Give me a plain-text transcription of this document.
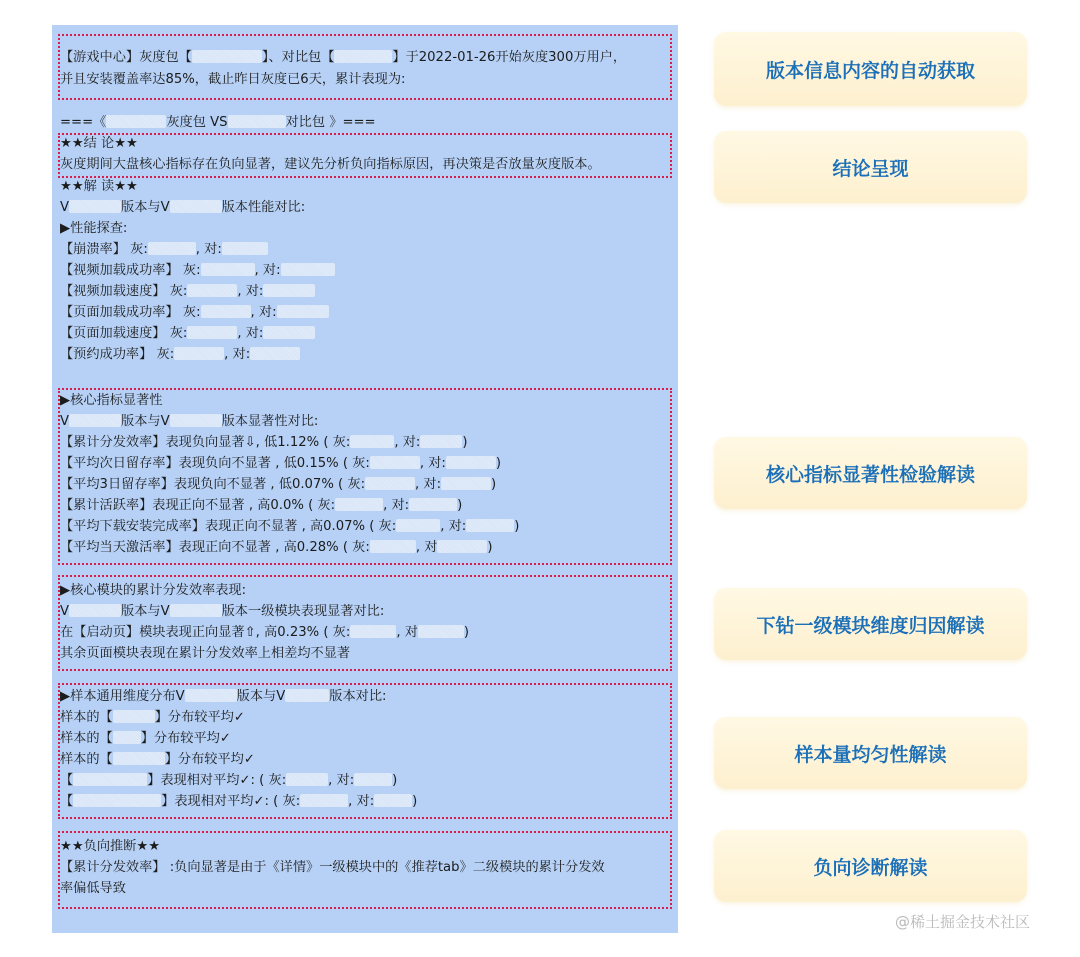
【游戏中心】灰度包【	】、对比包【	】于2022-01-26开始灰度300万用户，
并且安装覆盖率达85%，截止昨日灰度已6天，累计表现为:
===《	灰度包 VS	对比包 》===
★★结 论★★
灰度期间大盘核心指标存在负向显著，建议先分析负向指标原因，再决策是否放量灰度版本。
★★解 读★★
V	版本与V	版本性能对比:
▶性能探查:
【崩溃率】 灰:	, 对:
【视频加载成功率】 灰:	, 对:
【视频加载速度】 灰:	, 对:
【页面加载成功率】 灰:	, 对:
【页面加载速度】 灰:	, 对:
【预约成功率】 灰:	, 对:
▶核心指标显著性
V	版本与V	版本显著性对比:
【累计分发效率】表现负向显著⇩, 低1.12% ( 灰:	, 对:	)
【平均次日留存率】表现负向不显著 , 低0.15% ( 灰:	, 对:	)
【平均3日留存率】表现负向不显著 , 低0.07% ( 灰:	, 对:	)
【累计活跃率】表现正向不显著 , 高0.0% ( 灰:	, 对:	)
【平均下载安装完成率】表现正向不显著 , 高0.07% ( 灰:	, 对:	)
【平均当天激活率】表现正向不显著 , 高0.28% ( 灰:	, 对	)
▶核心模块的累计分发效率表现:
V	版本与V	版本一级模块表现显著对比:
在【启动页】模块表现正向显著⇧, 高0.23% ( 灰:	, 对	)
其余页面模块表现在累计分发效率上相差均不显著
▶样本通用维度分布V	版本与V	版本对比:
样本的【	】分布较平均✓
样本的【 】分布较平均✓
样本的【	】分布较平均✓
【	】表现相对平均✓: ( 灰:	, 对:	)
【	】表现相对平均✓: ( 灰:	, 对:	)
★★负向推断★★
【累计分发效率】 :负向显著是由于《详情》一级模块中的《推荐tab》二级模块的累计分发效
率偏低导致
版本信息内容的自动获取
结论呈现
核心指标显著性检验解读
下钻一级模块维度归因解读
样本量均匀性解读
负向诊断解读
@稀土掘金技术社区
